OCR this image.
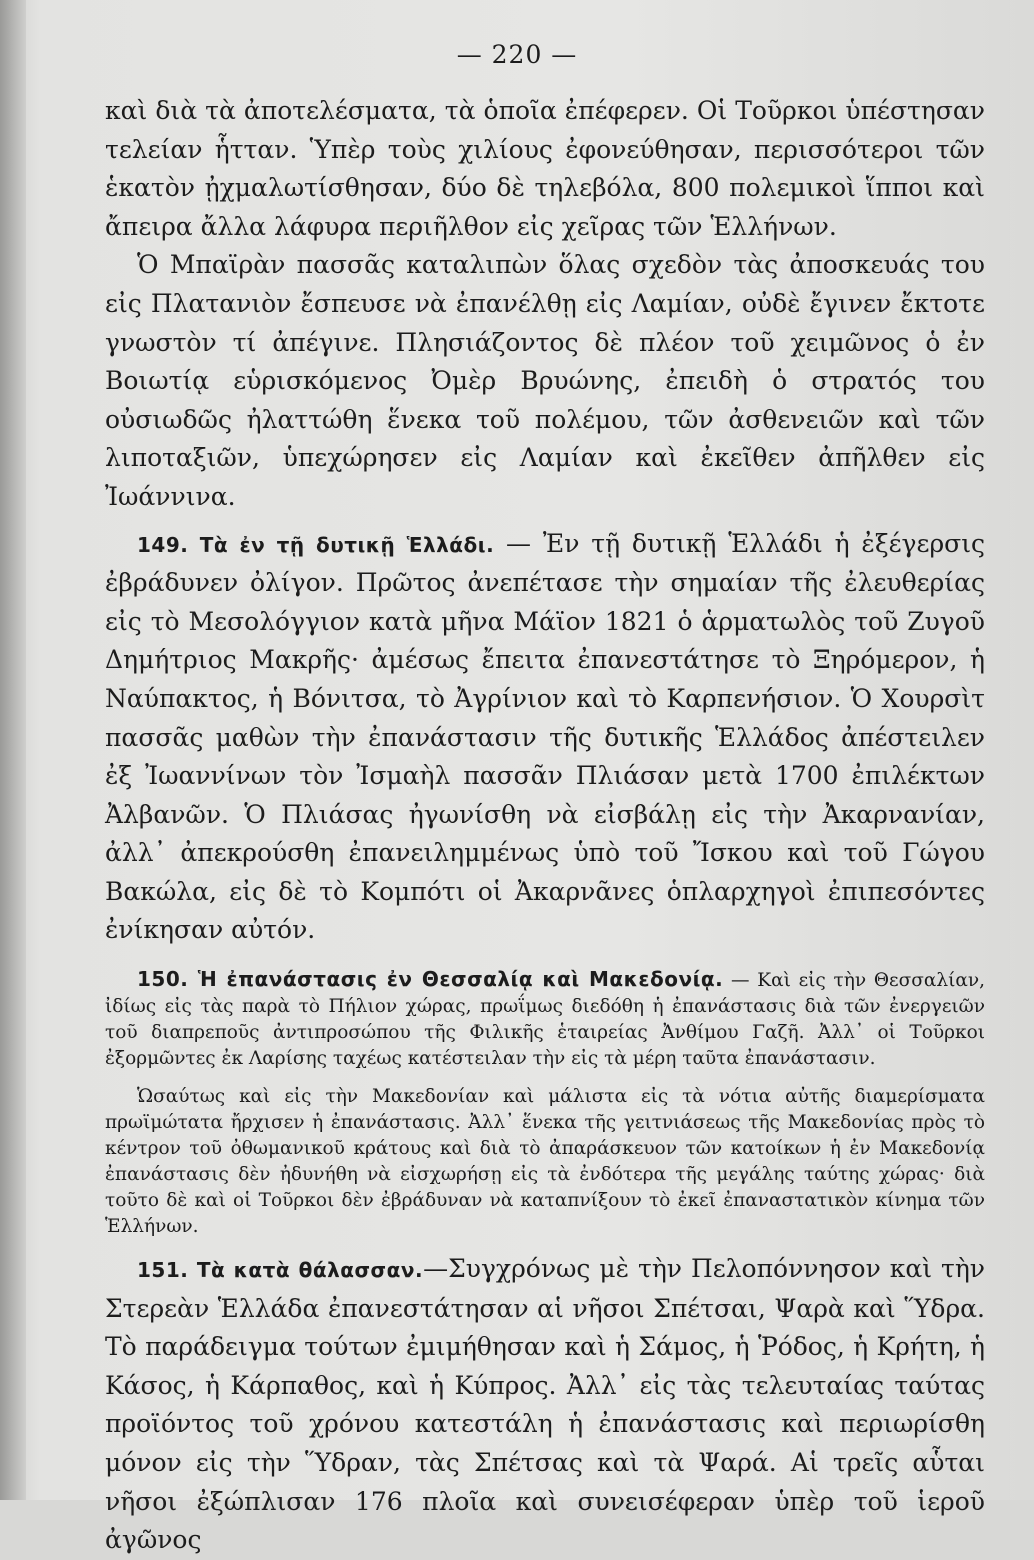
— 220 —

καὶ διὰ τὰ ἀποτελέσματα, τὰ ὁποῖα ἐπέφερεν. Οἱ Τοῦρκοι ὑπέστησαν τελείαν ἧτταν. Ὑπὲρ τοὺς χιλίους ἐφονεύθησαν, περισσότεροι τῶν ἑκατὸν ᾐχμαλωτίσθησαν, δύο δὲ τηλεβόλα, 800 πολεμικοὶ ἵπποι καὶ ἄπειρα ἄλλα λάφυρα περιῆλθον εἰς χεῖρας τῶν Ἑλλήνων.

Ὁ Μπαϊρὰν πασσᾶς καταλιπὼν ὅλας σχεδὸν τὰς ἀποσκευάς του εἰς Πλατανιὸν ἔσπευσε νὰ ἐπανέλθῃ εἰς Λαμίαν, οὐδὲ ἔγινεν ἔκτοτε γνωστὸν τί ἀπέγινε. Πλησιάζοντος δὲ πλέον τοῦ χειμῶνος ὁ ἐν Βοιωτίᾳ εὑρισκόμενος Ὀμὲρ Βρυώνης, ἐπειδὴ ὁ στρατός του οὐσιωδῶς ἠλαττώθη ἕνεκα τοῦ πολέμου, τῶν ἀσθενειῶν καὶ τῶν λιποταξιῶν, ὑπεχώρησεν εἰς Λαμίαν καὶ ἐκεῖθεν ἀπῆλθεν εἰς Ἰωάννινα.

149. Τὰ ἐν τῇ δυτικῇ Ἑλλάδι. — Ἐν τῇ δυτικῇ Ἑλλάδι ἡ ἐξέγερσις ἐβράδυνεν ὀλίγον. Πρῶτος ἀνεπέτασε τὴν σημαίαν τῆς ἐλευθερίας εἰς τὸ Μεσολόγγιον κατὰ μῆνα Μάϊον 1821 ὁ ἁρματωλὸς τοῦ Ζυγοῦ Δημήτριος Μακρῆς· ἀμέσως ἔπειτα ἐπανεστάτησε τὸ Ξηρόμερον, ἡ Ναύπακτος, ἡ Βόνιτσα, τὸ Ἀγρίνιον καὶ τὸ Καρπενήσιον. Ὁ Χουρσὶτ πασσᾶς μαθὼν τὴν ἐπανάστασιν τῆς δυτικῆς Ἑλλάδος ἀπέστειλεν ἐξ Ἰωαννίνων τὸν Ἰσμαὴλ πασσᾶν Πλιάσαν μετὰ 1700 ἐπιλέκτων Ἀλβανῶν. Ὁ Πλιάσας ἠγωνίσθη νὰ εἰσβάλῃ εἰς τὴν Ἀκαρνανίαν, ἀλλ᾽ ἀπεκρούσθη ἐπανειλημμένως ὑπὸ τοῦ Ἴσκου καὶ τοῦ Γώγου Βακώλα, εἰς δὲ τὸ Κομπότι οἱ Ἀκαρνᾶνες ὁπλαρχηγοὶ ἐπιπεσόντες ἐνίκησαν αὐτόν.

150. Ἡ ἐπανάστασις ἐν Θεσσαλίᾳ καὶ Μακεδονίᾳ. — Καὶ εἰς τὴν Θεσσαλίαν, ἰδίως εἰς τὰς παρὰ τὸ Πήλιον χώρας, πρωΐμως διεδόθη ἡ ἐπανάστασις διὰ τῶν ἐνεργειῶν τοῦ διαπρεποῦς ἀντιπροσώπου τῆς Φιλικῆς ἑταιρείας Ἀνθίμου Γαζῆ. Ἀλλ᾽ οἱ Τοῦρκοι ἐξορμῶντες ἐκ Λαρίσης ταχέως κατέστειλαν τὴν εἰς τὰ μέρη ταῦτα ἐπανάστασιν.

Ὡσαύτως καὶ εἰς τὴν Μακεδονίαν καὶ μάλιστα εἰς τὰ νότια αὐτῆς διαμερίσματα πρωϊμώτατα ἤρχισεν ἡ ἐπανάστασις. Ἀλλ᾽ ἕνεκα τῆς γειτνιάσεως τῆς Μακεδονίας πρὸς τὸ κέντρον τοῦ ὀθωμανικοῦ κράτους καὶ διὰ τὸ ἀπαράσκευον τῶν κατοίκων ἡ ἐν Μακεδονίᾳ ἐπανάστασις δὲν ἠδυνήθη νὰ εἰσχωρήσῃ εἰς τὰ ἐνδότερα τῆς μεγάλης ταύτης χώρας· διὰ τοῦτο δὲ καὶ οἱ Τοῦρκοι δὲν ἐβράδυναν νὰ καταπνίξουν τὸ ἐκεῖ ἐπαναστατικὸν κίνημα τῶν Ἑλλήνων.

151. Τὰ κατὰ θάλασσαν.—Συγχρόνως μὲ τὴν Πελοπόννησον καὶ τὴν Στερεὰν Ἑλλάδα ἐπανεστάτησαν αἱ νῆσοι Σπέτσαι, Ψαρὰ καὶ Ὕδρα. Τὸ παράδειγμα τούτων ἐμιμήθησαν καὶ ἡ Σάμος, ἡ Ῥόδος, ἡ Κρήτη, ἡ Κάσος, ἡ Κάρπαθος, καὶ ἡ Κύπρος. Ἀλλ᾽ εἰς τὰς τελευταίας ταύτας προϊόντος τοῦ χρόνου κατεστάλη ἡ ἐπανάστασις καὶ περιωρίσθη μόνον εἰς τὴν Ὕδραν, τὰς Σπέτσας καὶ τὰ Ψαρά. Αἱ τρεῖς αὗται νῆσοι ἐξώπλισαν 176 πλοῖα καὶ συνεισέφεραν ὑπὲρ τοῦ ἱεροῦ ἀγῶνος
